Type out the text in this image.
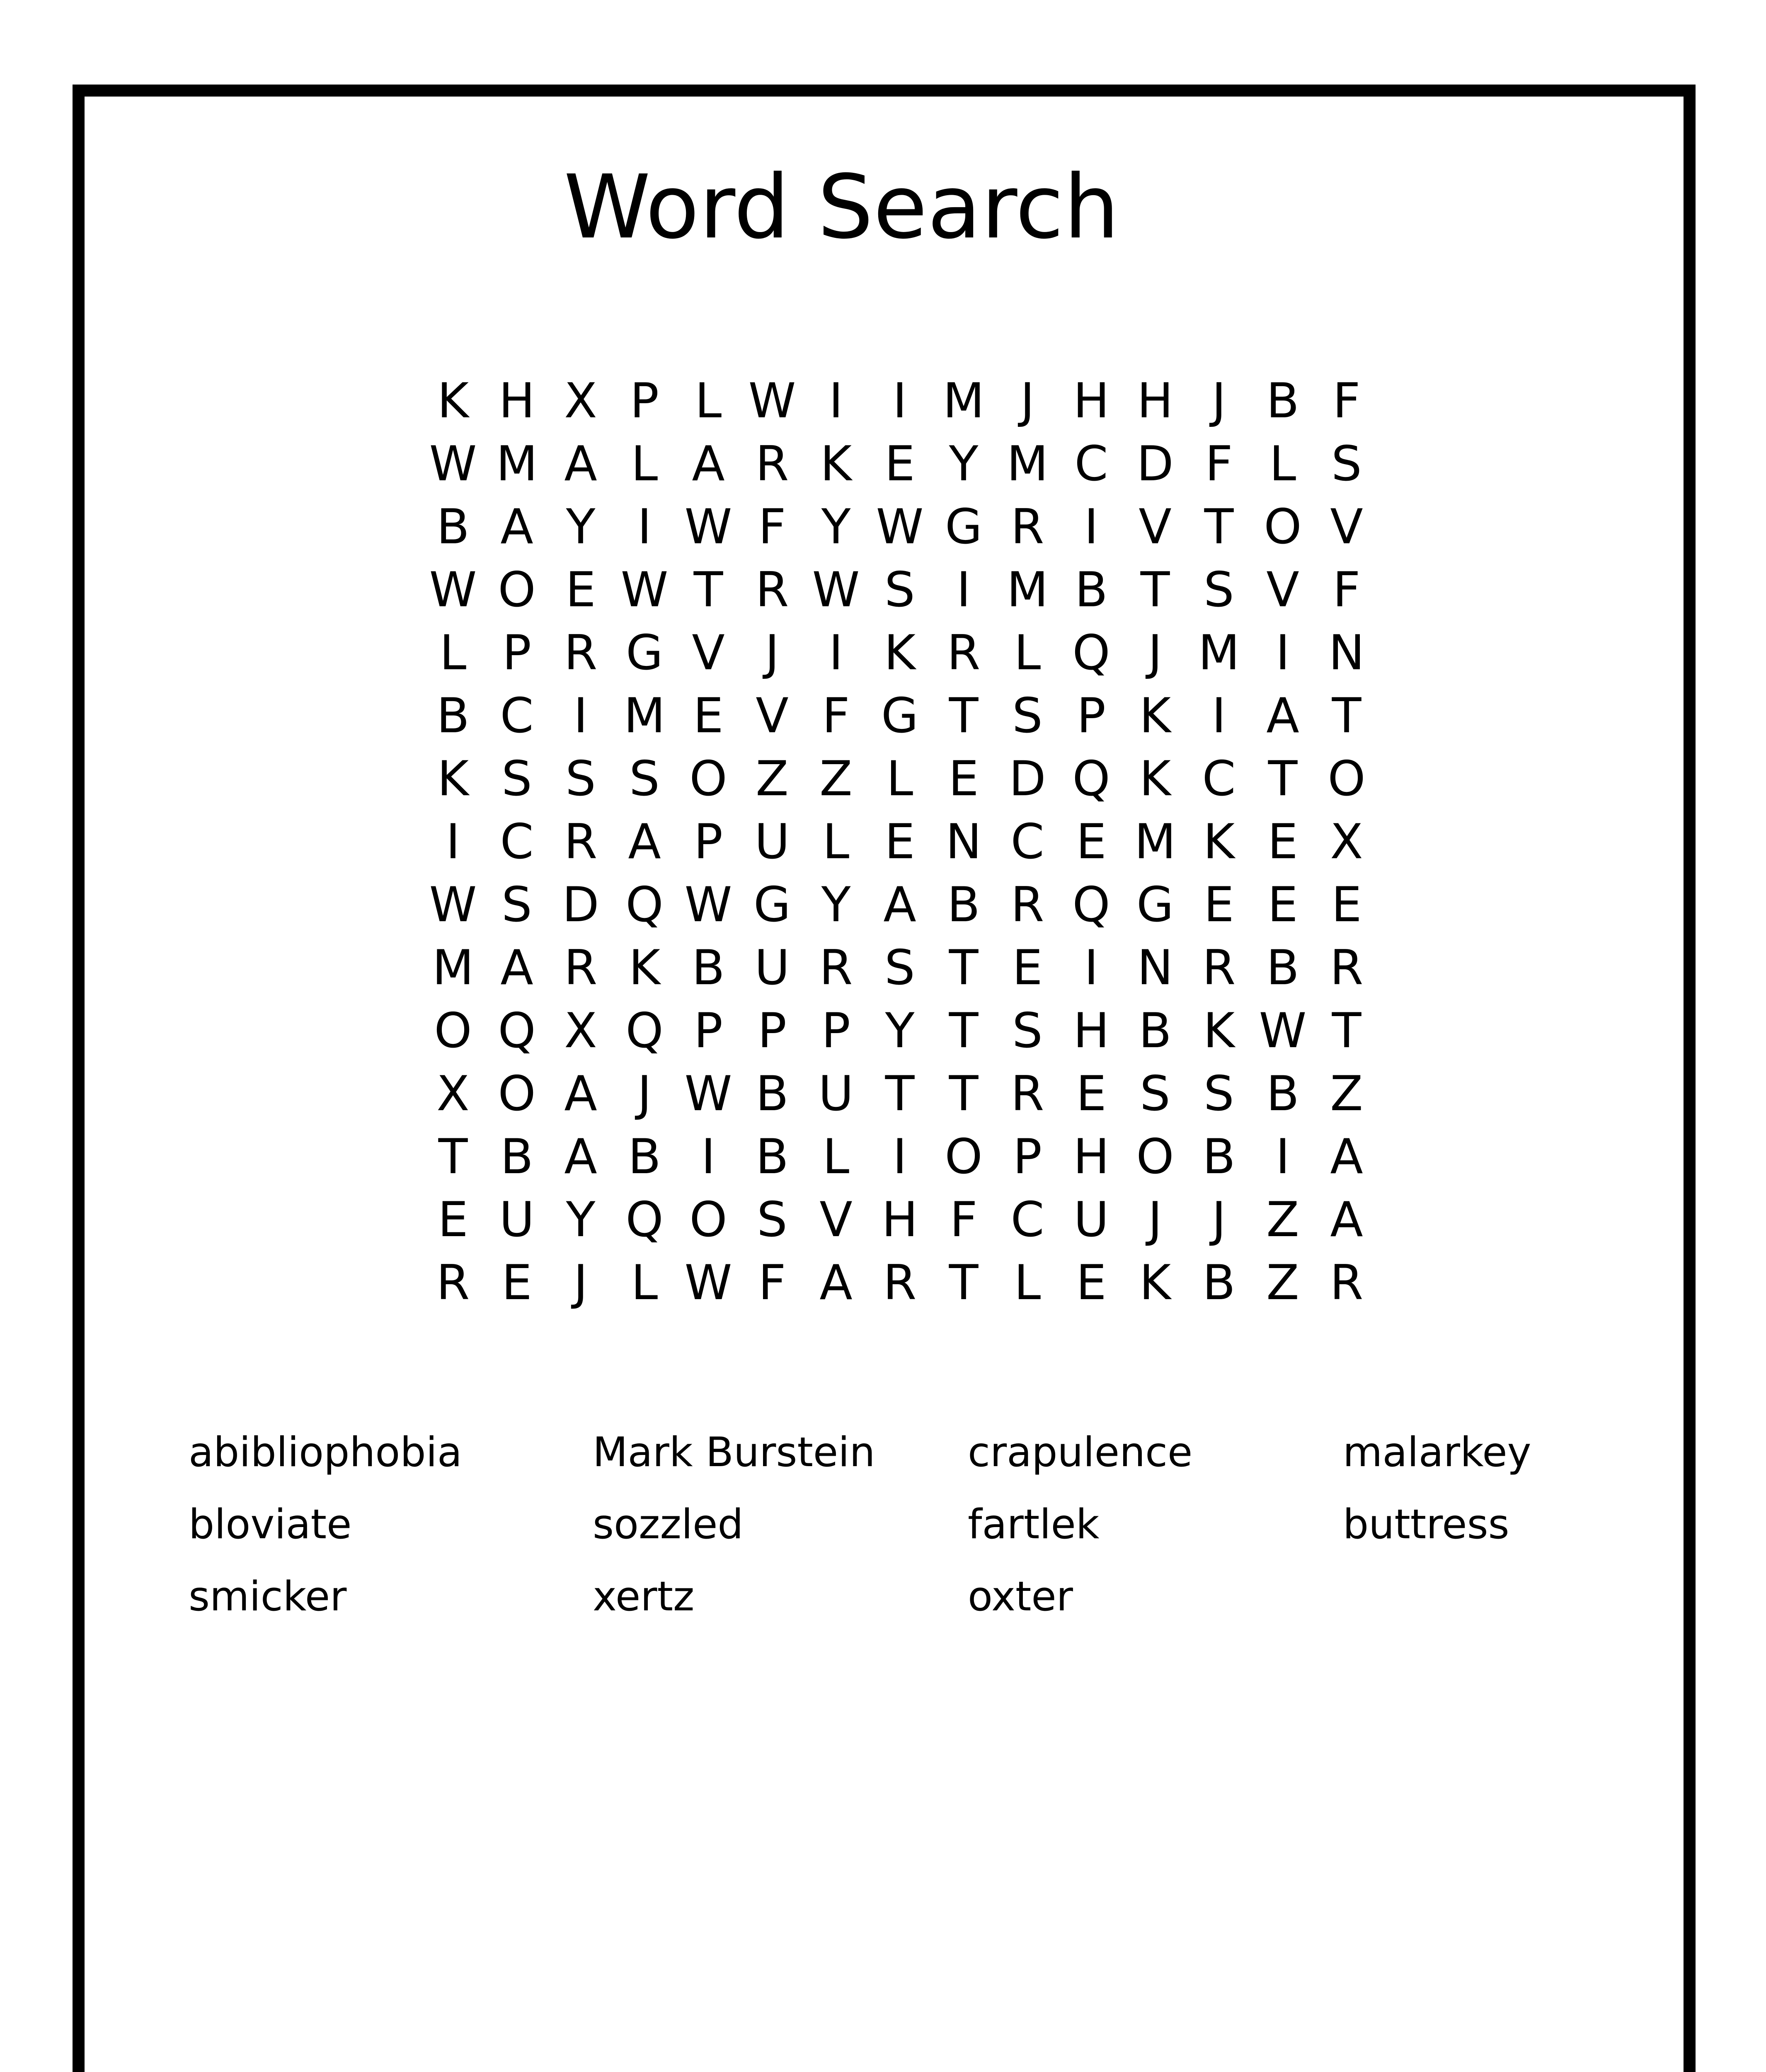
Word Search
K H X P L W I	I M J H H J B F
W M A L A R K E Y M C D F L S
B A Y I W F Y W G R I V T O V
W O E W T R W S I M B T S V F
L P R G V J	I K R L Q J M I N
B C I M E V F G T S P K I A T
K S S S O Z Z L E D Q K C T O
I C R A P U L E N C E M K E X
W S D Q W G Y A B R Q G E E E
M A R K B U R S T E I N R B R
O Q X Q P P P Y T S H B K W T
X O A J W B U T T R E S S B Z
T B A B I B L I O P H O B I A
E U Y Q O S V H F C U J	J Z A
R E J L W F A R T L E K B Z R
abibliophobia	Mark Burstein	crapulence	malarkey
bloviate	sozzled	fartlek	buttress
smicker	xertz	oxter
